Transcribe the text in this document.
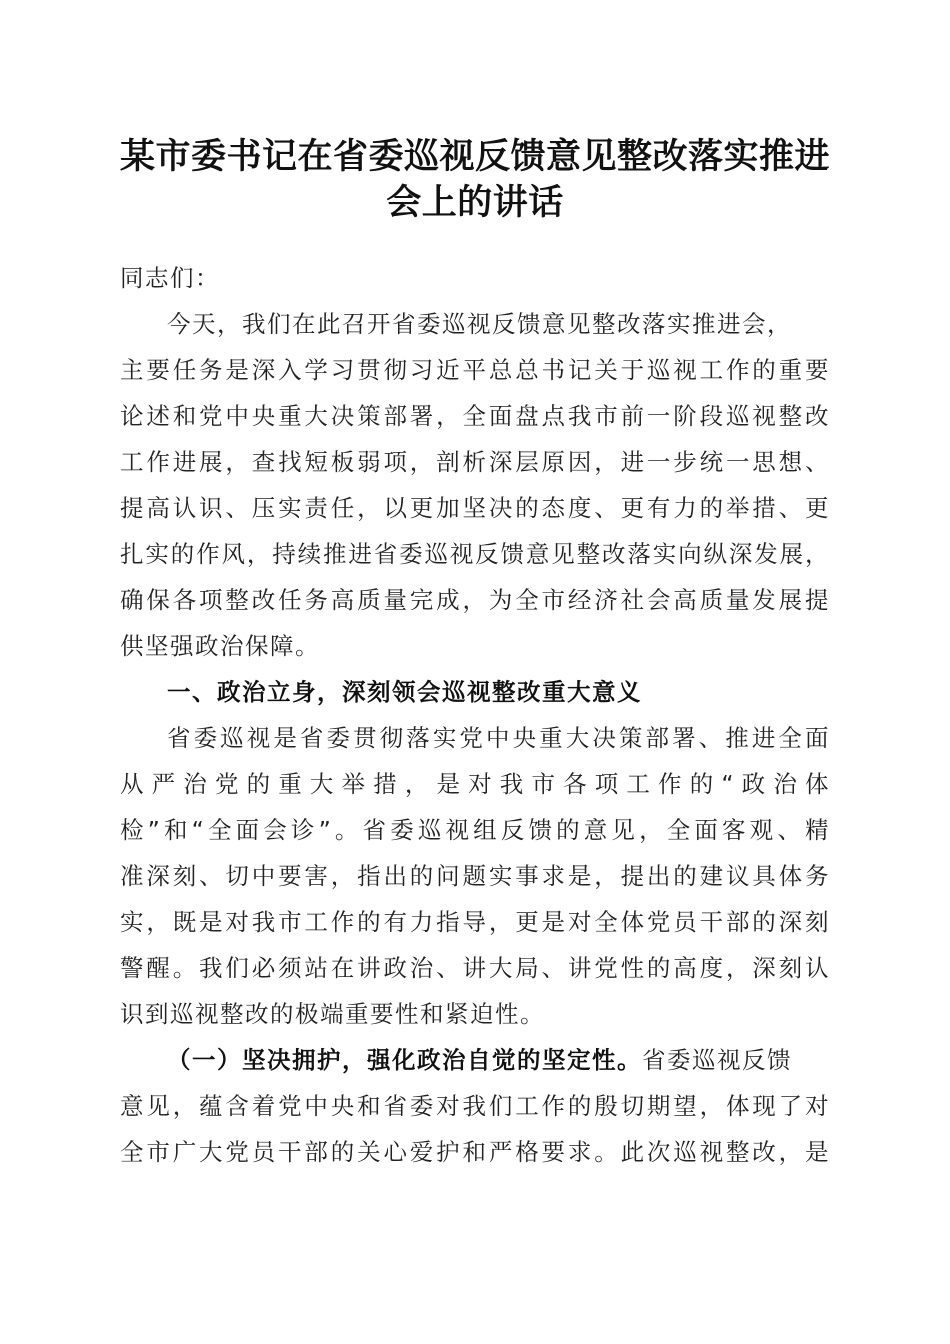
某市委书记在省委巡视反馈意见整改落实推进
会上的讲话
同志们：
今天，我们在此召开省委巡视反馈意见整改落实推进会，
主要任务是深入学习贯彻习近平总总书记关于巡视工作的重要
论述和党中央重大决策部署，全面盘点我市前一阶段巡视整改
工作进展，查找短板弱项，剖析深层原因，进一步统一思想、
提高认识、压实责任，以更加坚决的态度、更有力的举措、更
扎实的作风，持续推进省委巡视反馈意见整改落实向纵深发展，
确保各项整改任务高质量完成，为全市经济社会高质量发展提
供坚强政治保障。
一、政治立身，深刻领会巡视整改重大意义
省委巡视是省委贯彻落实党中央重大决策部署、推进全面
从严治党的重大举措，是对我市各项工作的“政治体
检”和“全面会诊”。省委巡视组反馈的意见，全面客观、精
准深刻、切中要害，指出的问题实事求是，提出的建议具体务
实，既是对我市工作的有力指导，更是对全体党员干部的深刻
警醒。我们必须站在讲政治、讲大局、讲党性的高度，深刻认
识到巡视整改的极端重要性和紧迫性。
（一）坚决拥护，强化政治自觉的坚定性。省委巡视反馈
意见，蕴含着党中央和省委对我们工作的殷切期望，体现了对
全市广大党员干部的关心爱护和严格要求。此次巡视整改，是
